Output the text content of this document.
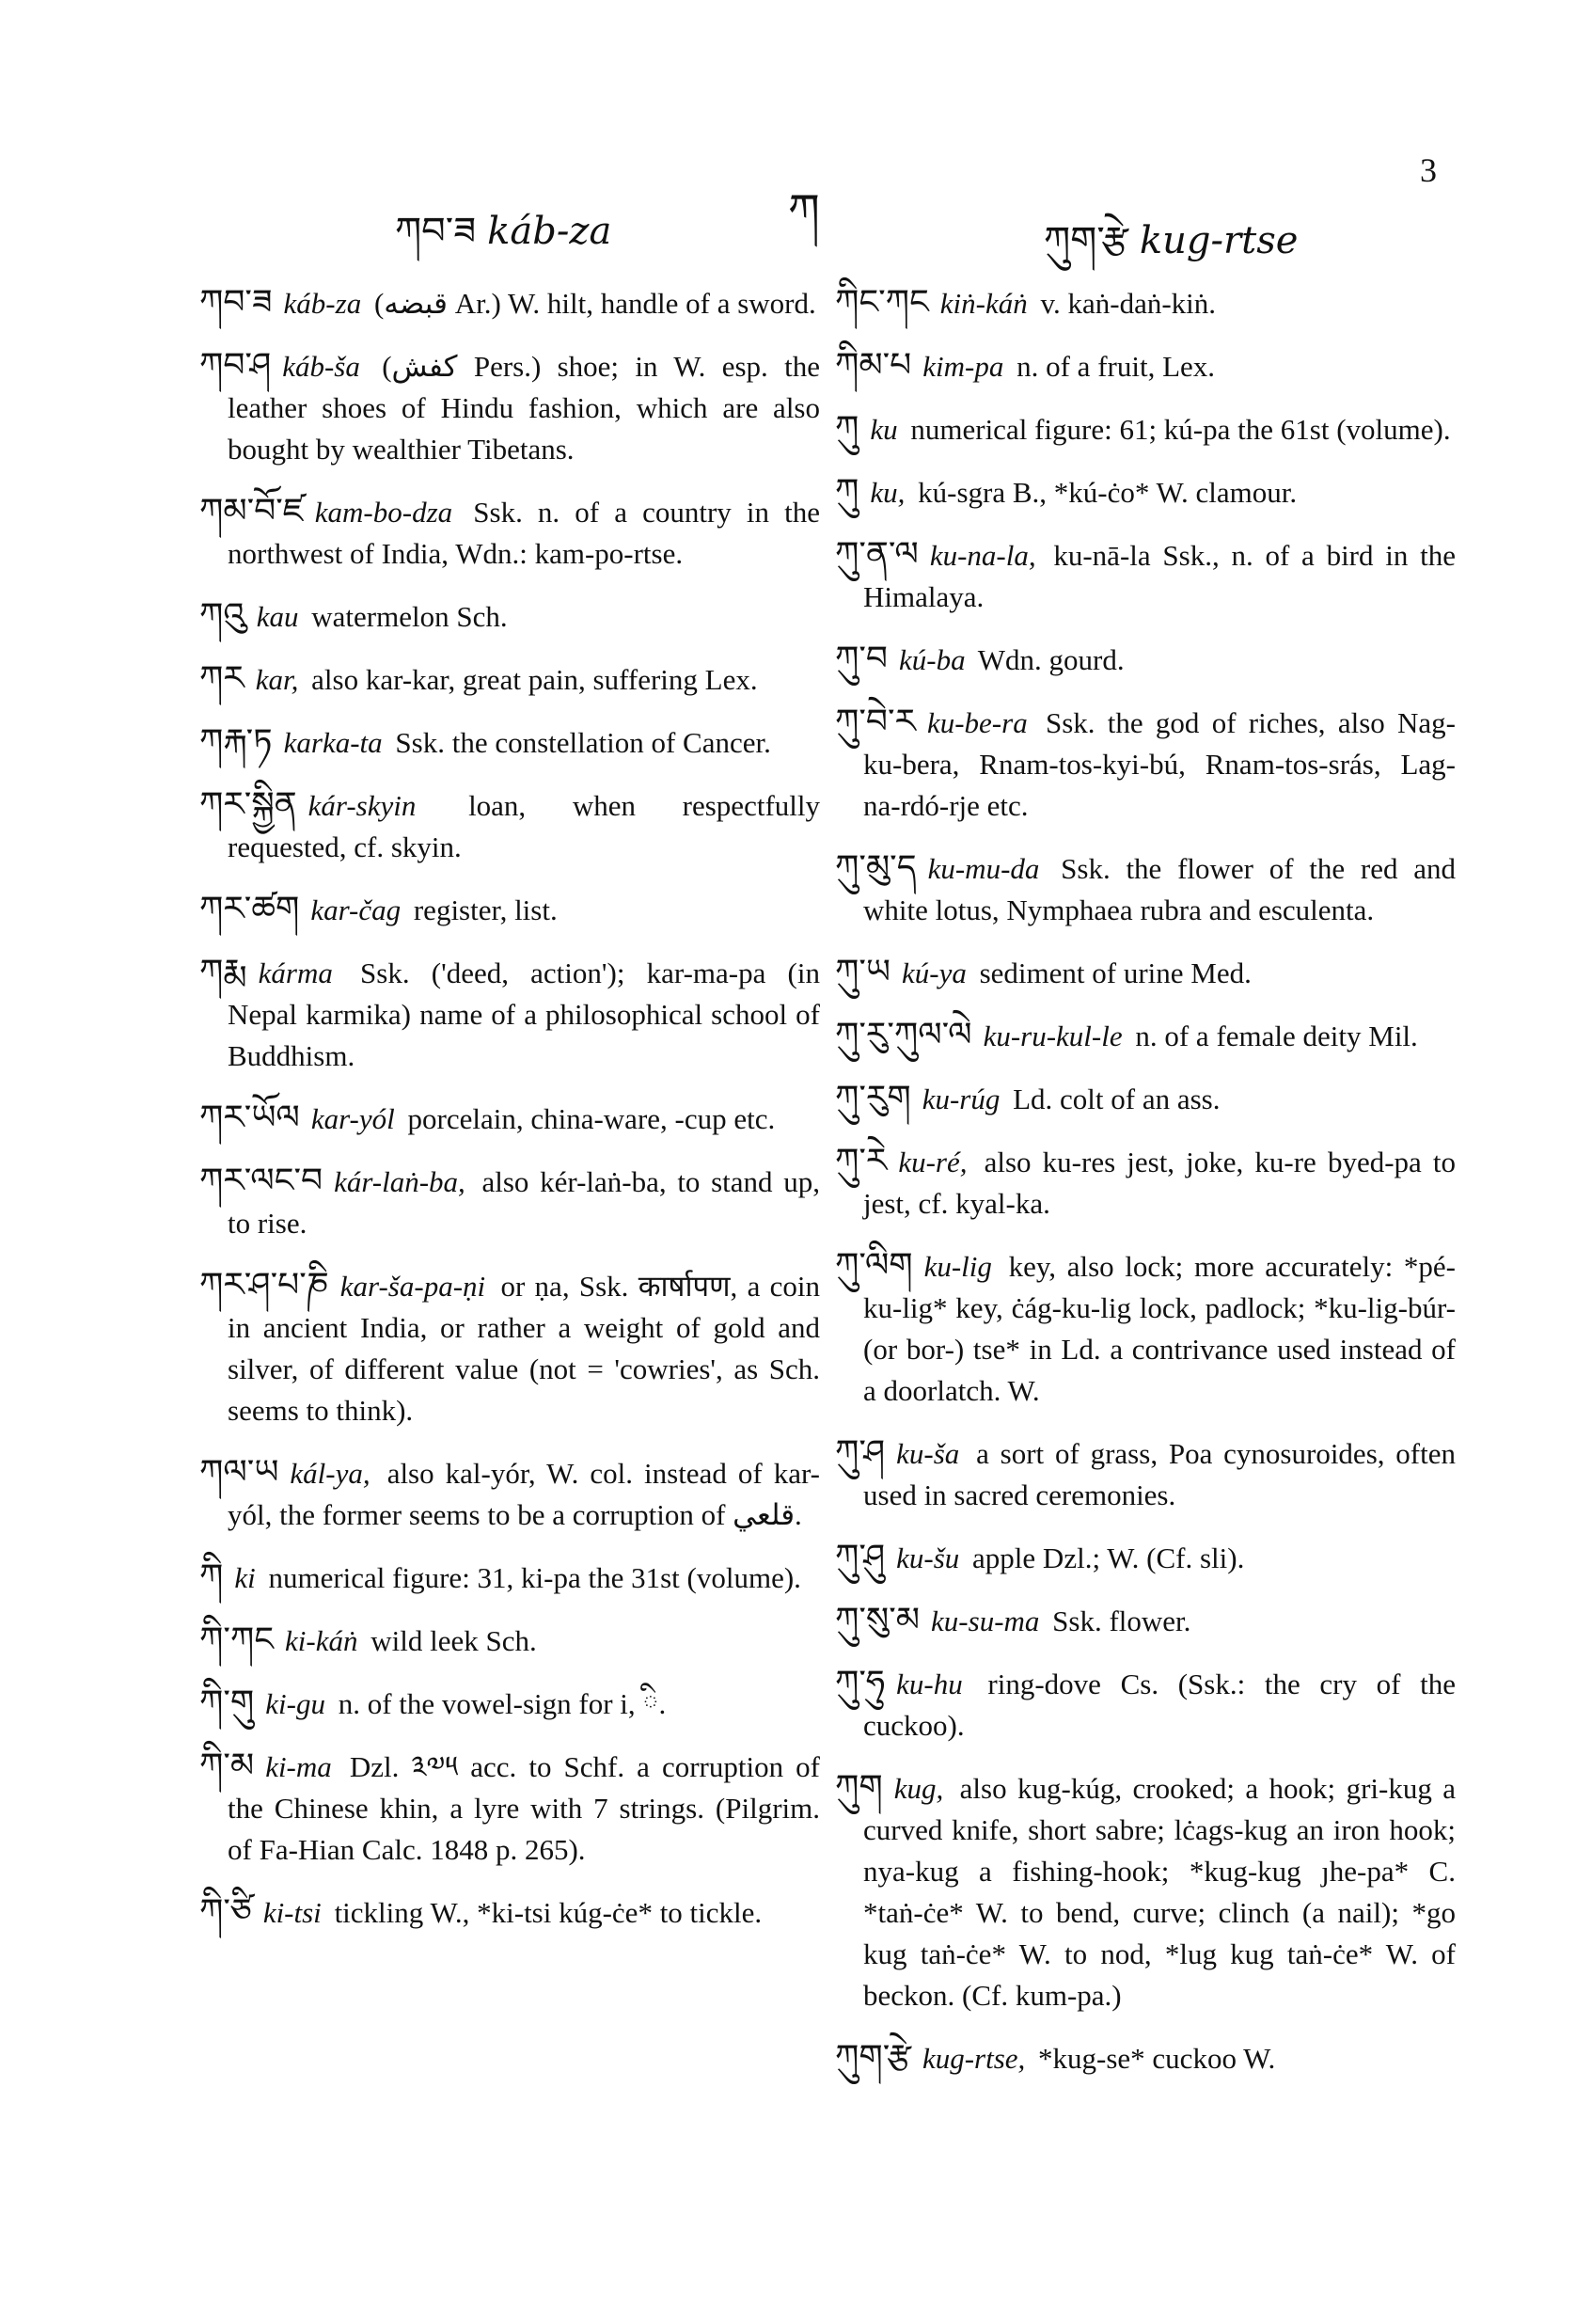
ཀབ་ཟ káb-za	ཀ
ཀུག་རྩེ kug-rtse
3

ཀབ་ཟ káb-za (قبضه Ar.) W. hilt, handle of a sword.

ཀབ་ཤ káb-ša (كفش Pers.) shoe; in W. esp. the leather shoes of Hindu fashion, which are also bought by wealthier Tibetans.

ཀམ་བོ་ཛ kam-bo-dza Ssk. n. of a country in the northwest of India, Wdn.: kam-po-rtse.

ཀའུ kau watermelon Sch.

ཀར kar, also kar-kar, great pain, suffering Lex.

ཀརྐ་ཏ karka-ta Ssk. the constellation of Cancer.

ཀར་སྐྱིན kár-skyin loan, when respectfully requested, cf. skyin.

ཀར་ཚག kar-čag register, list.

ཀརྨ kárma Ssk. ('deed, action'); kar-ma-pa (in Nepal karmika) name of a philosophical school of Buddhism.

ཀར་ཡོལ kar-yól porcelain, china-ware, -cup etc.

ཀར་ལང་བ kár-laṅ-ba, also kér-laṅ-ba, to stand up, to rise.

ཀར་ཤ་པ་ཎི kar-ša-pa-ṇi or ṇa, Ssk. कार्षापण, a coin in ancient India, or rather a weight of gold and silver, of different value (not = 'cowries', as Sch. seems to think).

ཀལ་ཡ kál-ya, also kal-yór, W. col. instead of kar-yól, the former seems to be a corruption of قلعي.

ཀི ki numerical figure: 31, ki-pa the 31st (volume).

ཀི་ཀང ki-káṅ wild leek Sch.

ཀི་གུ ki-gu n. of the vowel-sign for i, ི.

ཀི་མ ki-ma Dzl. ༣༧༥ acc. to Schf. a corruption of the Chinese khin, a lyre with 7 strings. (Pilgrim. of Fa-Hian Calc. 1848 p. 265).

ཀི་ཙི ki-tsi tickling W., *ki-tsi kúg-ċe* to tickle.

ཀིང་ཀང kiṅ-káṅ v. kaṅ-daṅ-kiṅ.

ཀིམ་པ kim-pa n. of a fruit, Lex.

ཀུ ku numerical figure: 61; kú-pa the 61st (volume).

ཀུ ku, kú-sgra B., *kú-ċo* W. clamour.

ཀུ་ན་ལ ku-na-la, ku-nā-la Ssk., n. of a bird in the Himalaya.

ཀུ་བ kú-ba Wdn. gourd.

ཀུ་བེ་ར ku-be-ra Ssk. the god of riches, also Nag-ku-bera, Rnam-tos-kyi-bú, Rnam-tos-srás, Lag-na-rdó-rje etc.

ཀུ་མུ་ད ku-mu-da Ssk. the flower of the red and white lotus, Nymphaea rubra and esculenta.

ཀུ་ཡ kú-ya sediment of urine Med.

ཀུ་རུ་ཀུལ་ལེ ku-ru-kul-le n. of a female deity Mil.

ཀུ་རུག ku-rúg Ld. colt of an ass.

ཀུ་རེ ku-ré, also ku-res jest, joke, ku-re byed-pa to jest, cf. kyal-ka.

ཀུ་ལིག ku-lig key, also lock; more accurately: *pé-ku-lig* key, ċág-ku-lig lock, padlock; *ku-lig-búr- (or bor-) tse* in Ld. a contrivance used instead of a doorlatch. W.

ཀུ་ཤ ku-ša a sort of grass, Poa cynosuroides, often used in sacred ceremonies.

ཀུ་ཤུ ku-šu apple Dzl.; W. (Cf. sli).

ཀུ་སུ་མ ku-su-ma Ssk. flower.

ཀུ་ཧུ ku-hu ring-dove Cs. (Ssk.: the cry of the cuckoo).

ཀུག kug, also kug-kúg, crooked; a hook; gri-kug a curved knife, short sabre; lċags-kug an iron hook; nya-kug a fishing-hook; *kug-kug ȷhe-pa* C. *taṅ-ċe* W. to bend, curve; clinch (a nail); *go kug taṅ-ċe* W. to nod, *lug kug taṅ-ċe* W. of beckon. (Cf. kum-pa.)

ཀུག་རྩེ kug-rtse, *kug-se* cuckoo W.
